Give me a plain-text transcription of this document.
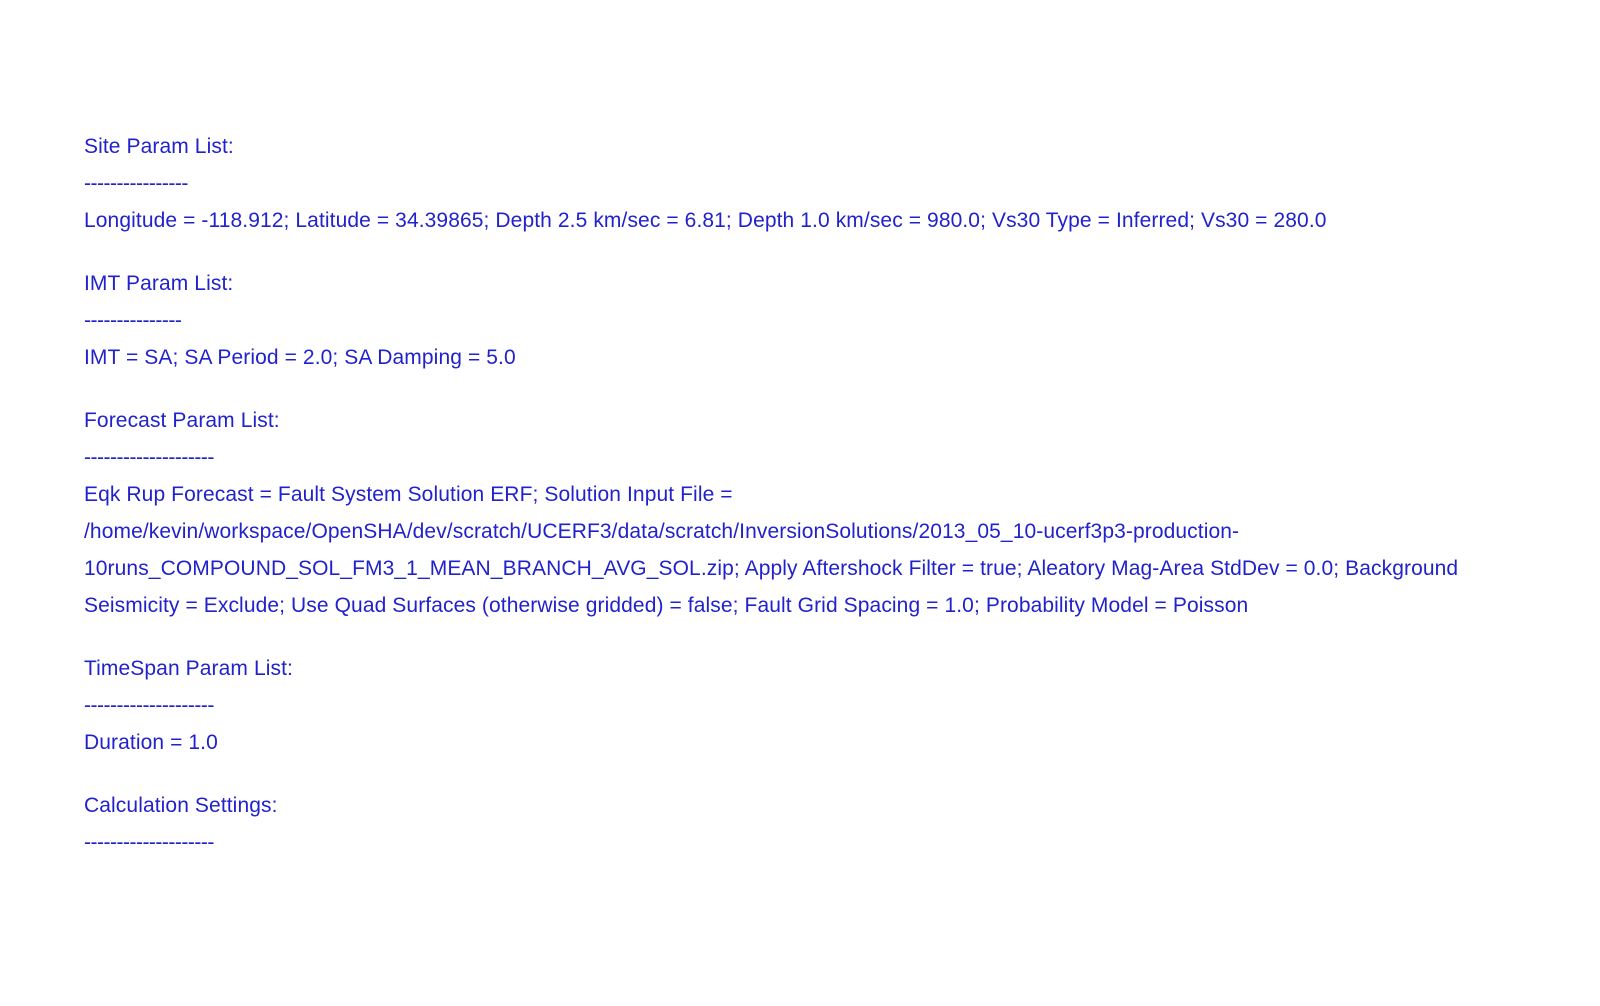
Site Param List:
----------------
Longitude = -118.912; Latitude = 34.39865; Depth 2.5 km/sec = 6.81; Depth 1.0 km/sec = 980.0; Vs30 Type = Inferred; Vs30 = 280.0
IMT Param List:
---------------
IMT = SA; SA Period = 2.0; SA Damping = 5.0
Forecast Param List:
--------------------
Eqk Rup Forecast = Fault System Solution ERF; Solution Input File = /home/kevin/workspace/OpenSHA/dev/scratch/UCERF3/data/scratch/InversionSolutions/2013_05_10-ucerf3p3-production-10runs_COMPOUND_SOL_FM3_1_MEAN_BRANCH_AVG_SOL.zip; Apply Aftershock Filter = true; Aleatory Mag-Area StdDev = 0.0; Background Seismicity = Exclude; Use Quad Surfaces (otherwise gridded) = false; Fault Grid Spacing = 1.0; Probability Model = Poisson
TimeSpan Param List:
--------------------
Duration = 1.0
Calculation Settings:
--------------------
